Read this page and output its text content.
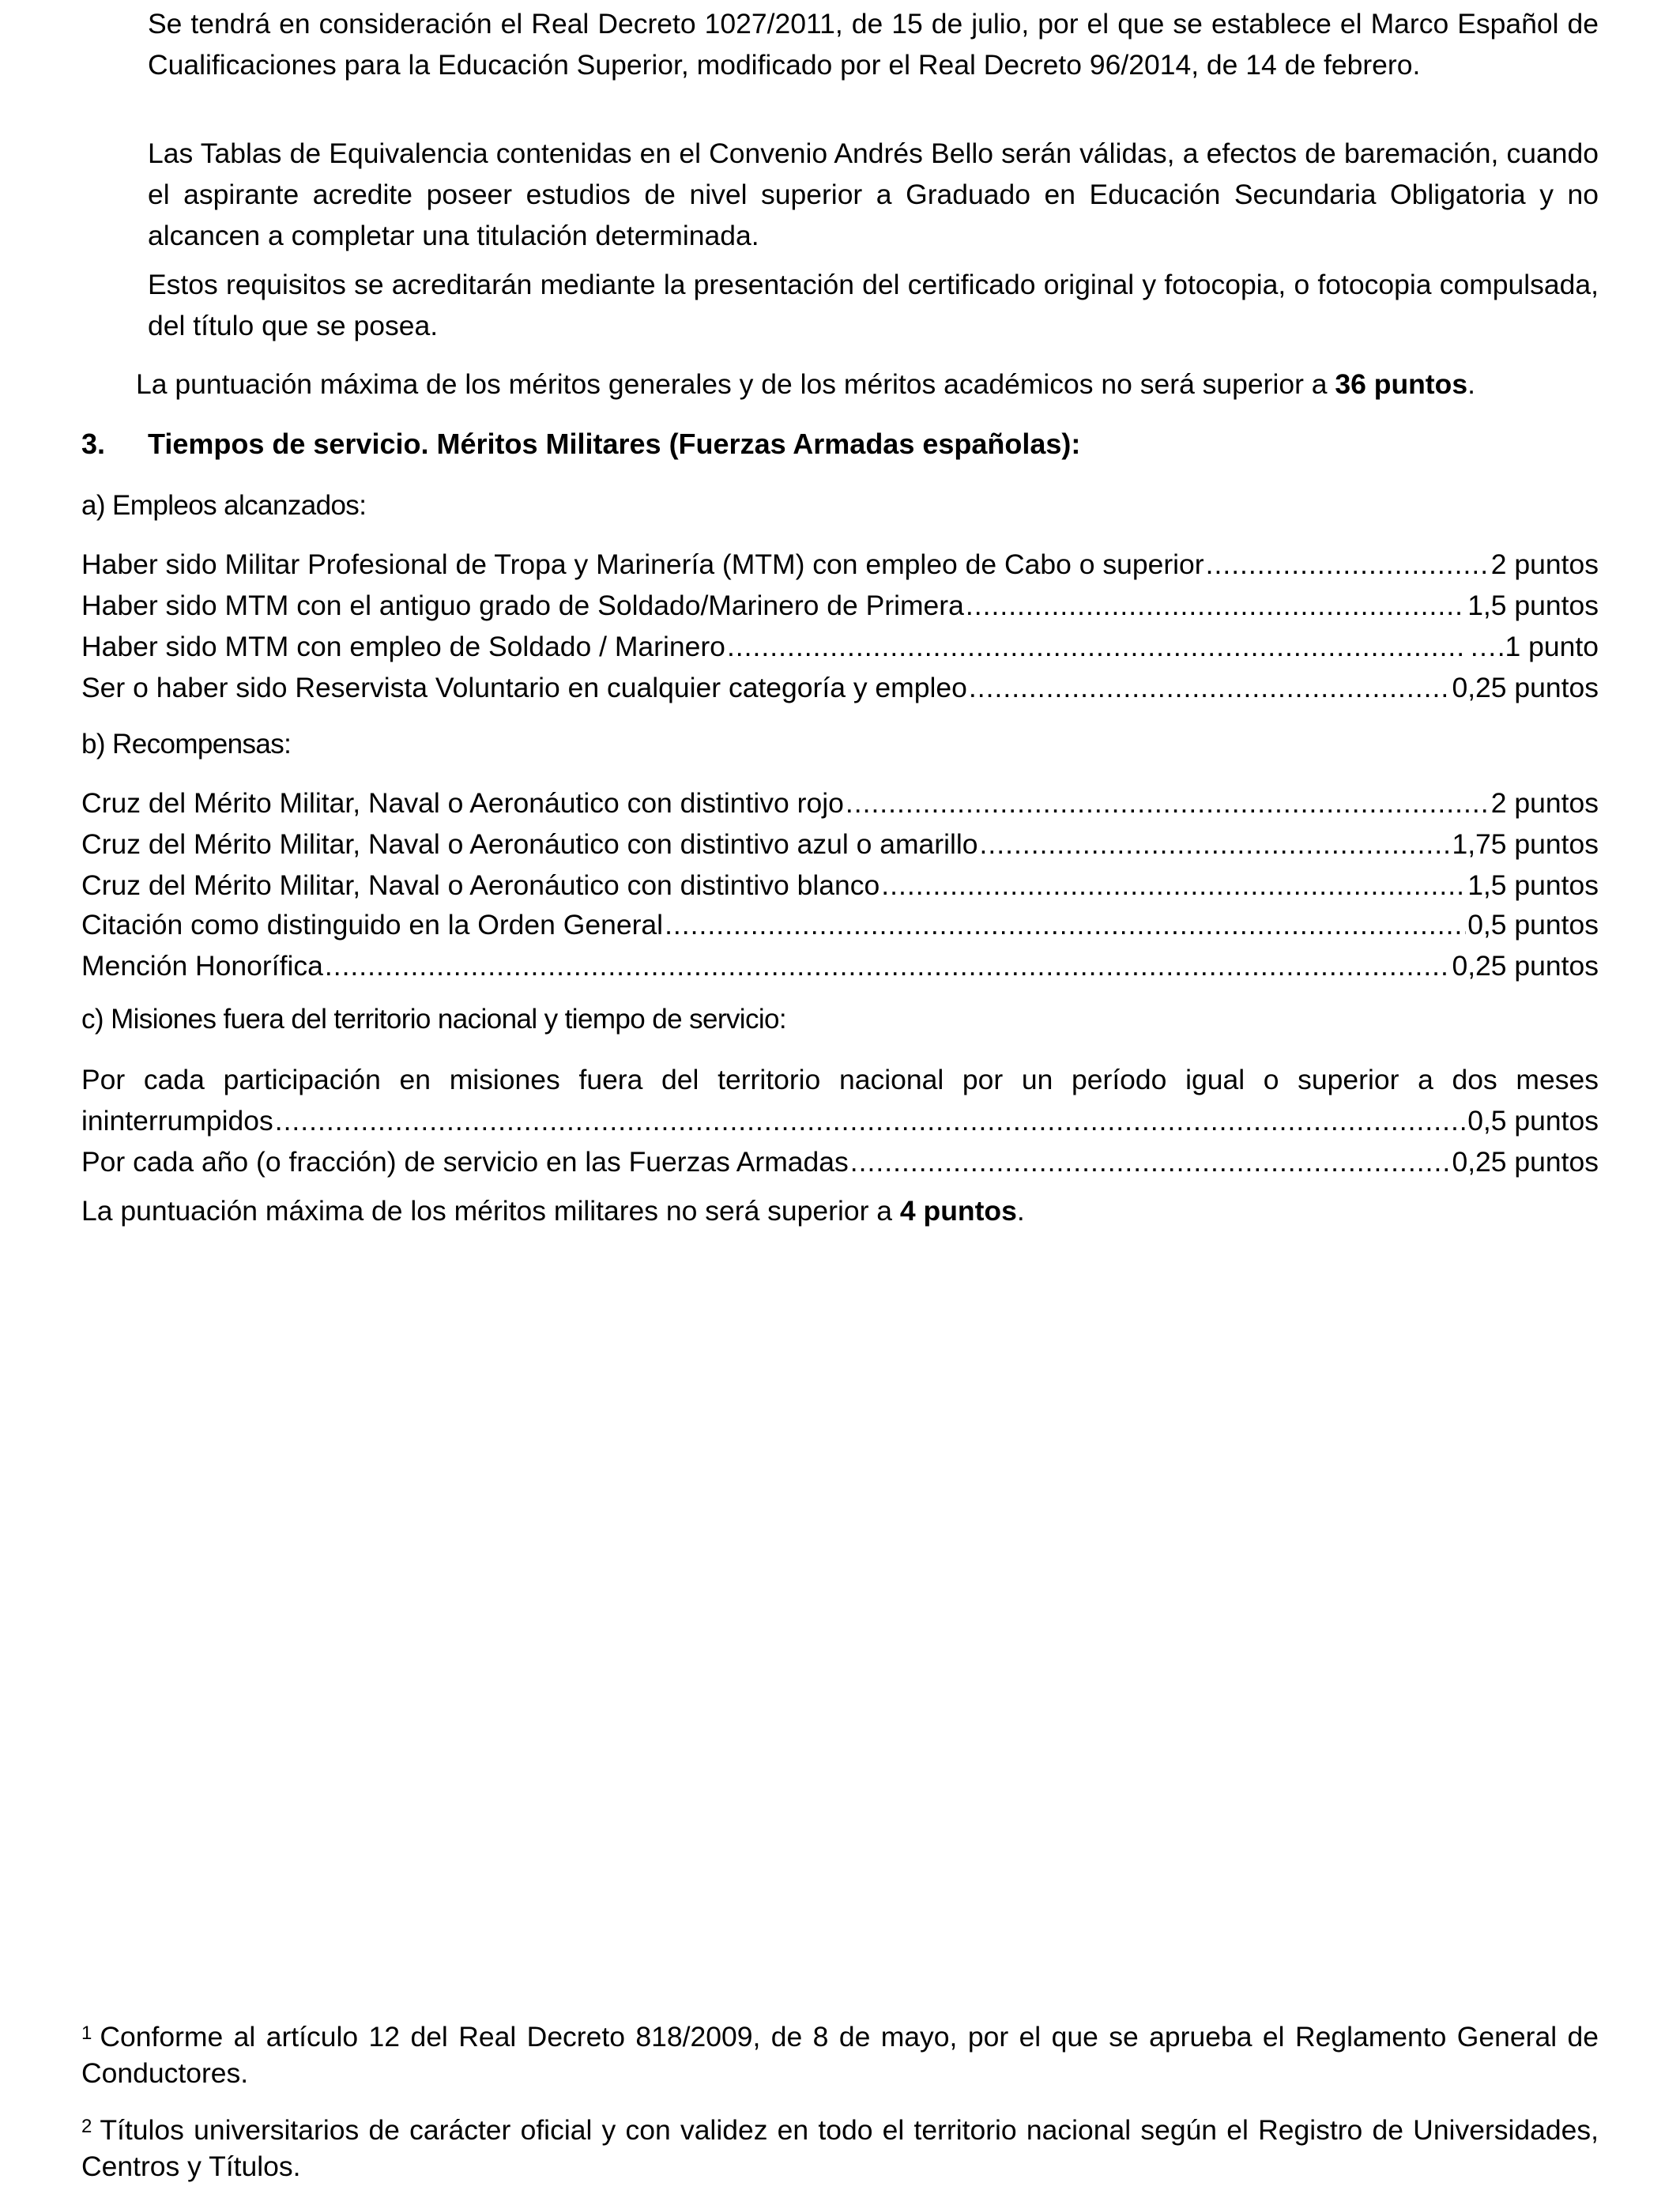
Se tendrá en consideración el Real Decreto 1027/2011, de 15 de julio, por el que se establece el Marco Español de Cualificaciones para la Educación Superior, modificado por el Real Decreto 96/2014, de 14 de febrero.
Las Tablas de Equivalencia contenidas en el Convenio Andrés Bello serán válidas, a efectos de baremación, cuando el aspirante acredite poseer estudios de nivel superior a Graduado en Educación Secundaria Obligatoria y no alcancen a completar una titulación determinada.
Estos requisitos se acreditarán mediante la presentación del certificado original y fotocopia, o fotocopia compulsada, del título que se posea.
La puntuación máxima de los méritos generales y de los méritos académicos no será superior a 36 puntos.
3. Tiempos de servicio. Méritos Militares (Fuerzas Armadas españolas):
a) Empleos alcanzados:
Haber sido Militar Profesional de Tropa y Marinería (MTM) con empleo de Cabo o superior .....	2 puntos
Haber sido MTM con el antiguo grado de Soldado/Marinero de Primera .....	1,5 puntos
Haber sido MTM con empleo de Soldado / Marinero .....	….1 punto
Ser o haber sido Reservista Voluntario en cualquier categoría y empleo .....	0,25 puntos
b) Recompensas:
Cruz del Mérito Militar, Naval o Aeronáutico con distintivo rojo .....	2 puntos
Cruz del Mérito Militar, Naval o Aeronáutico con distintivo azul o amarillo .....	1,75 puntos
Cruz del Mérito Militar, Naval o Aeronáutico con distintivo blanco .....	1,5 puntos
Citación como distinguido en la Orden General .....	0,5 puntos
Mención Honorífica .....	0,25 puntos
c) Misiones fuera del territorio nacional y tiempo de servicio:
Por cada participación en misiones fuera del territorio nacional por un período igual o superior a dos meses
ininterrumpidos .....	0,5 puntos
Por cada año (o fracción) de servicio en las Fuerzas Armadas .....	0,25 puntos
La puntuación máxima de los méritos militares no será superior a 4 puntos.
$^1$ Conforme al artículo 12 del Real Decreto 818/2009, de 8 de mayo, por el que se aprueba el Reglamento General de Conductores.
$^2$ Títulos universitarios de carácter oficial y con validez en todo el territorio nacional según el Registro de Universidades, Centros y Títulos.
